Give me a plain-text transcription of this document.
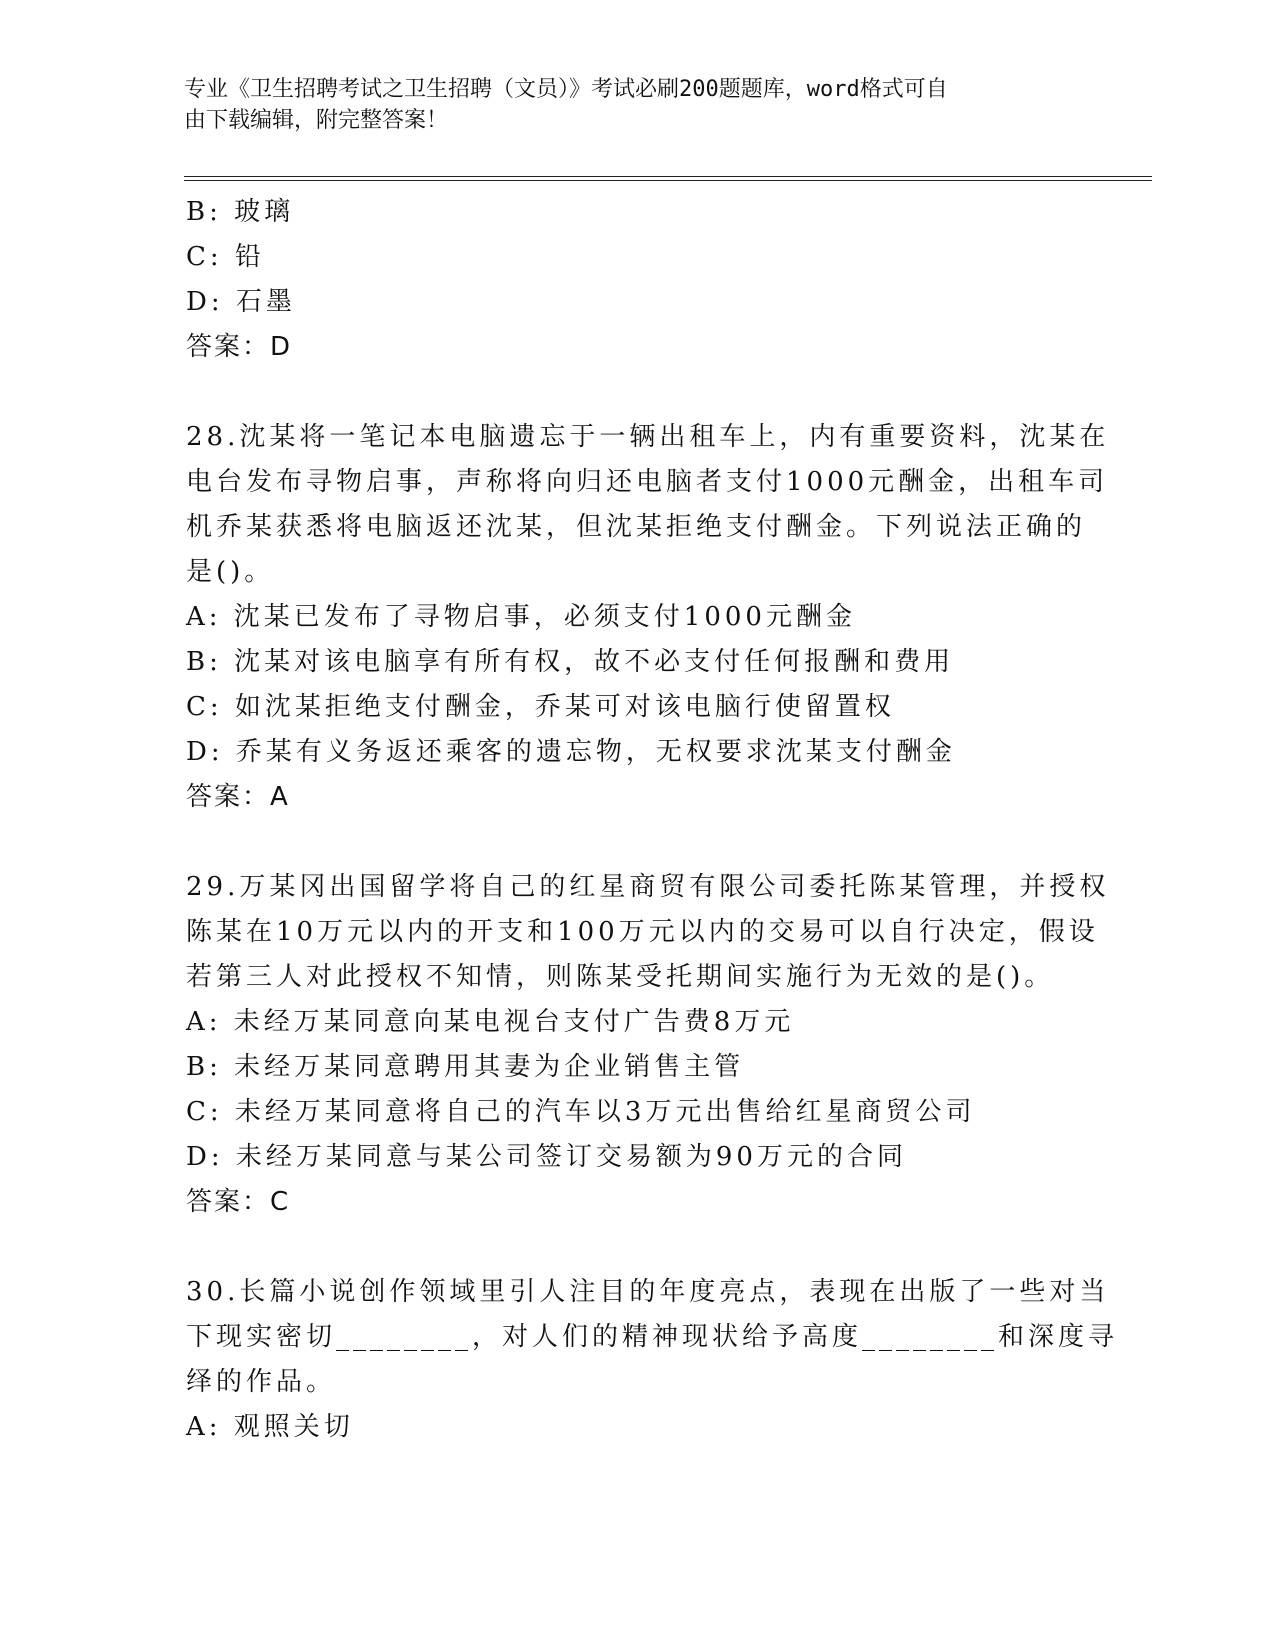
专业《卫生招聘考试之卫生招聘（文员）》考试必刷200题题库，word格式可自
由下载编辑，附完整答案！
B: 玻璃
C: 铅
D: 石墨
答案：D
28.沈某将一笔记本电脑遗忘于一辆出租车上，内有重要资料，沈某在
电台发布寻物启事，声称将向归还电脑者支付1000元酬金，出租车司
机乔某获悉将电脑返还沈某，但沈某拒绝支付酬金。下列说法正确的
是()。
A: 沈某已发布了寻物启事，必须支付1000元酬金
B: 沈某对该电脑享有所有权，故不必支付任何报酬和费用
C: 如沈某拒绝支付酬金，乔某可对该电脑行使留置权
D: 乔某有义务返还乘客的遗忘物，无权要求沈某支付酬金
答案：A
29.万某冈出国留学将自己的红星商贸有限公司委托陈某管理，并授权
陈某在10万元以内的开支和100万元以内的交易可以自行决定，假设
若第三人对此授权不知情，则陈某受托期间实施行为无效的是()。
A: 未经万某同意向某电视台支付广告费8万元
B: 未经万某同意聘用其妻为企业销售主管
C: 未经万某同意将自己的汽车以3万元出售给红星商贸公司
D: 未经万某同意与某公司签订交易额为90万元的合同
答案：C
30.长篇小说创作领域里引人注目的年度亮点，表现在出版了一些对当
下现实密切________，对人们的精神现状给予高度________和深度寻
绎的作品。
A: 观照关切
